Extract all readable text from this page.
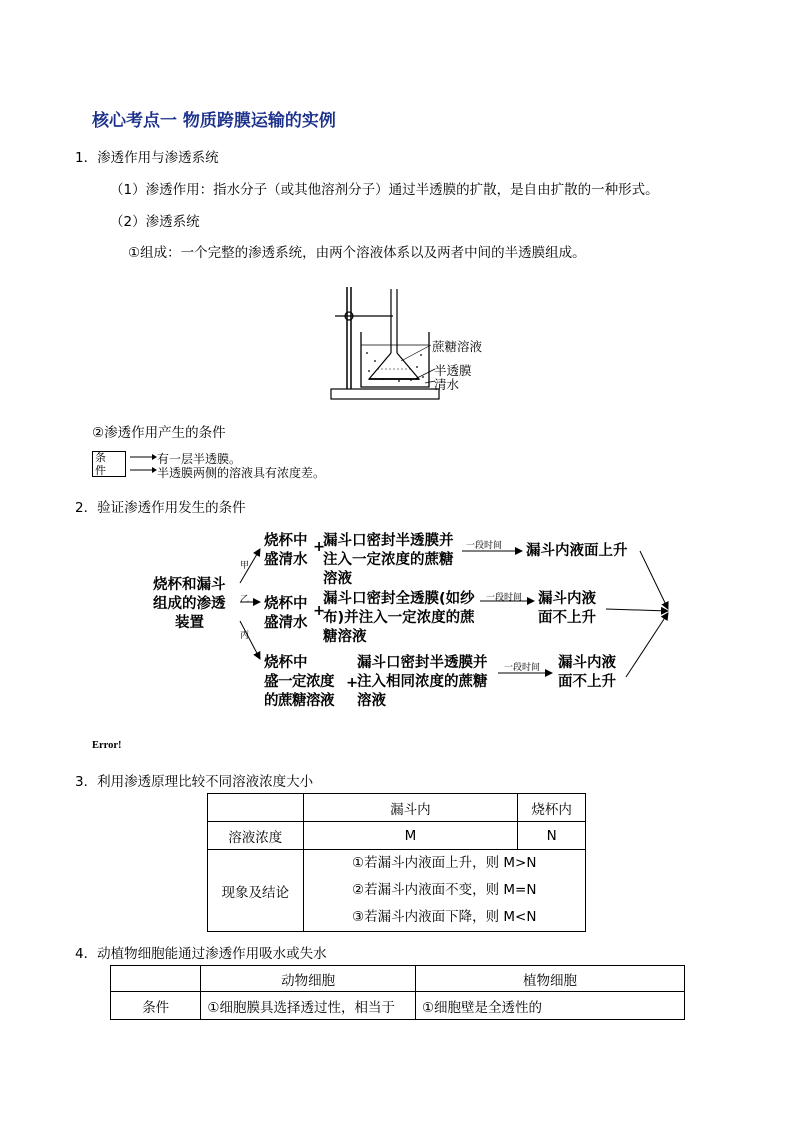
核心考点一 物质跨膜运输的实例
1．渗透作用与渗透系统
（1）渗透作用：指水分子（或其他溶剂分子）通过半透膜的扩散，是自由扩散的一种形式。
（2）渗透系统
①组成：一个完整的渗透系统，由两个溶液体系以及两者中间的半透膜组成。
蔗糖溶液
半透膜
清水
②渗透作用产生的条件
条
件
有一层半透膜。
半透膜两侧的溶液具有浓度差。
2．验证渗透作用发生的条件
烧杯和漏斗
组成的渗透
装置
甲
乙
丙
烧杯中
盛清水
+
漏斗口密封半透膜并
注入一定浓度的蔗糖
溶液
一段时间 漏斗内液面上升
烧杯中
盛清水
+
漏斗口密封全透膜(如纱
布)并注入一定浓度的蔗
糖溶液
一段时间 漏斗内液
面不上升
烧杯中
盛一定浓度
的蔗糖溶液
+
漏斗口密封半透膜并
注入相同浓度的蔗糖
溶液
一段时间 漏斗内液
面不上升
Error!
3．利用渗透原理比较不同溶液浓度大小
	漏斗内	烧杯内
溶液浓度	M	N
现象及结论	①若漏斗内液面上升，则 M>N
②若漏斗内液面不变，则 M=N
③若漏斗内液面下降，则 M<N	
4．动植物细胞能通过渗透作用吸水或失水
	动物细胞	植物细胞
条件	①细胞膜具选择透过性，相当于	①细胞壁是全透性的
